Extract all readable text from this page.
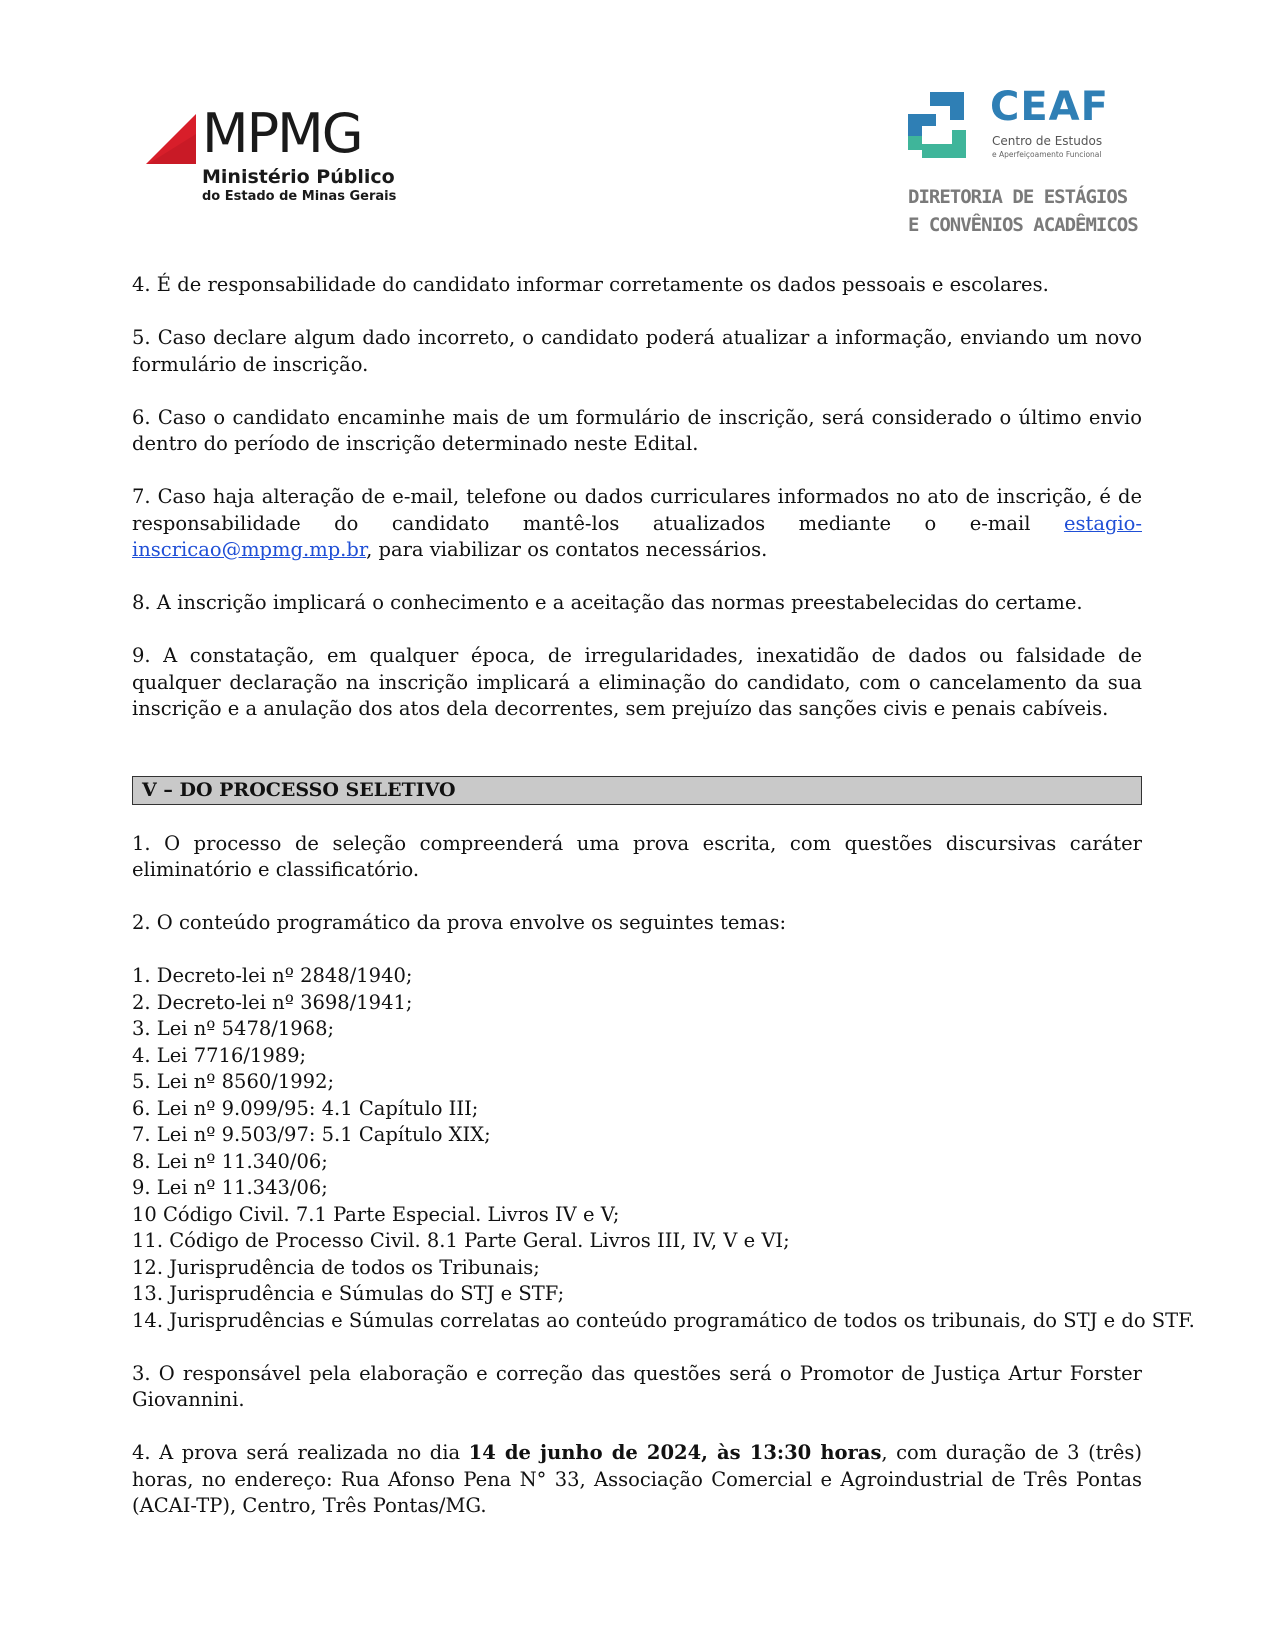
MPMG
Ministério Público
do Estado de Minas Gerais
CEAF
Centro de Estudos
e Aperfeiçoamento Funcional
DIRETORIA DE ESTÁGIOS
E CONVÊNIOS ACADÊMICOS

4. É de responsabilidade do candidato informar corretamente os dados pessoais e escolares.

5. Caso declare algum dado incorreto, o candidato poderá atualizar a informação, enviando um novo formulário de inscrição.

6. Caso o candidato encaminhe mais de um formulário de inscrição, será considerado o último envio dentro do período de inscrição determinado neste Edital.

7. Caso haja alteração de e-mail, telefone ou dados curriculares informados no ato de inscrição, é de responsabilidade do candidato mantê-los atualizados mediante o e-mail estagio-inscricao@mpmg.mp.br, para viabilizar os contatos necessários.

8. A inscrição implicará o conhecimento e a aceitação das normas preestabelecidas do certame.

9. A constatação, em qualquer época, de irregularidades, inexatidão de dados ou falsidade de qualquer declaração na inscrição implicará a eliminação do candidato, com o cancelamento da sua inscrição e a anulação dos atos dela decorrentes, sem prejuízo das sanções civis e penais cabíveis.

V – DO PROCESSO SELETIVO

1. O processo de seleção compreenderá uma prova escrita, com questões discursivas caráter eliminatório e classificatório.

2. O conteúdo programático da prova envolve os seguintes temas:

1. Decreto-lei nº 2848/1940;
2. Decreto-lei nº 3698/1941;
3. Lei nº 5478/1968;
4. Lei 7716/1989;
5. Lei nº 8560/1992;
6. Lei nº 9.099/95: 4.1 Capítulo III;
7. Lei nº 9.503/97: 5.1 Capítulo XIX;
8. Lei nº 11.340/06;
9. Lei nº 11.343/06;
10 Código Civil. 7.1 Parte Especial. Livros IV e V;
11. Código de Processo Civil. 8.1 Parte Geral. Livros III, IV, V e VI;
12. Jurisprudência de todos os Tribunais;
13. Jurisprudência e Súmulas do STJ e STF;
14. Jurisprudências e Súmulas correlatas ao conteúdo programático de todos os tribunais, do STJ e do STF.

3. O responsável pela elaboração e correção das questões será o Promotor de Justiça Artur Forster Giovannini.

4. A prova será realizada no dia 14 de junho de 2024, às 13:30 horas, com duração de 3 (três) horas, no endereço: Rua Afonso Pena N° 33, Associação Comercial e Agroindustrial de Três Pontas (ACAI-TP), Centro, Três Pontas/MG.
